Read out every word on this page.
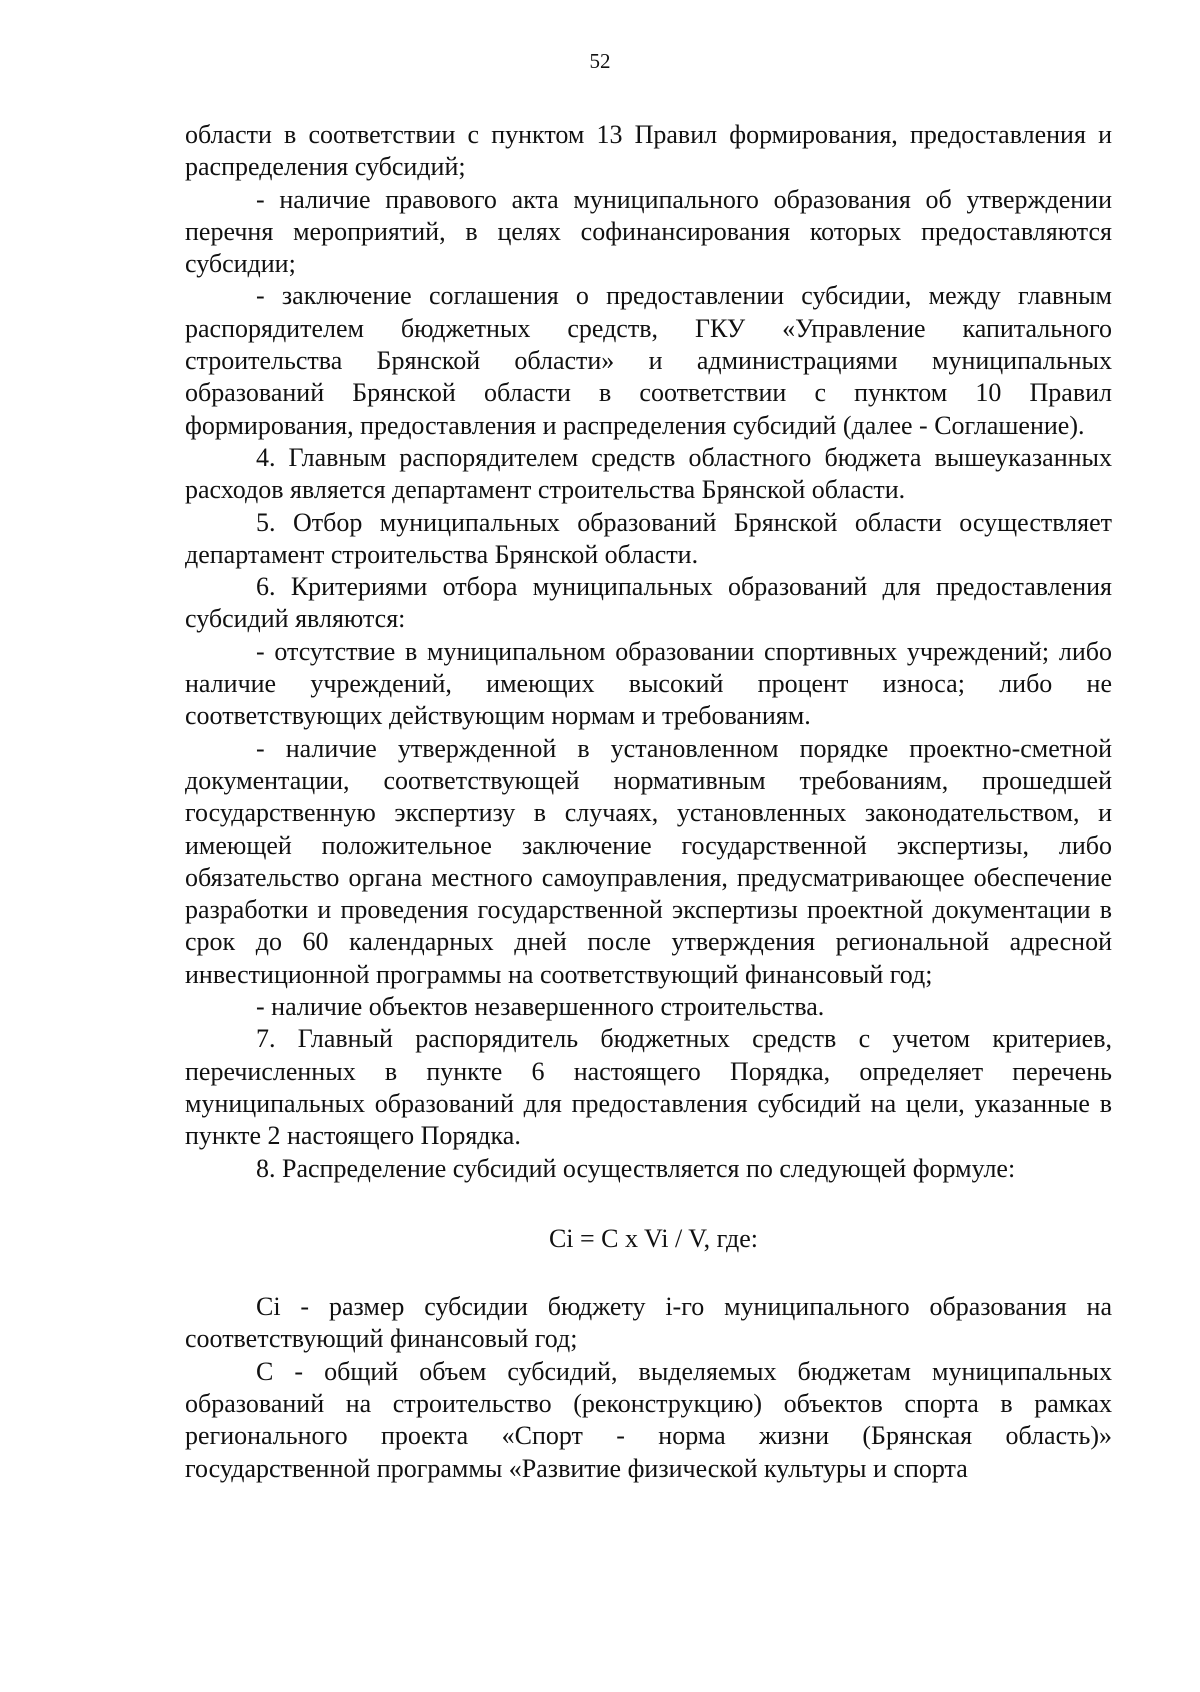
52

области в соответствии с пунктом 13 Правил формирования, предоставления и распределения субсидий;

- наличие правового акта муниципального образования об утверждении перечня мероприятий, в целях софинансирования которых предоставляются субсидии;

- заключение соглашения о предоставлении субсидии, между главным распорядителем бюджетных средств, ГКУ «Управление капитального строительства Брянской области» и администрациями муниципальных образований Брянской области в соответствии с пунктом 10 Правил формирования, предоставления и распределения субсидий (далее - Соглашение).

4. Главным распорядителем средств областного бюджета вышеуказанных расходов является департамент строительства Брянской области.

5. Отбор муниципальных образований Брянской области осуществляет департамент строительства Брянской области.

6. Критериями отбора муниципальных образований для предоставления субсидий являются:

- отсутствие в муниципальном образовании спортивных учреждений; либо наличие учреждений, имеющих высокий процент износа; либо не соответствующих действующим нормам и требованиям.

- наличие утвержденной в установленном порядке проектно-сметной документации, соответствующей нормативным требованиям, прошедшей государственную экспертизу в случаях, установленных законодательством, и имеющей положительное заключение государственной экспертизы, либо обязательство органа местного самоуправления, предусматривающее обеспечение разработки и проведения государственной экспертизы проектной документации в срок до 60 календарных дней после утверждения региональной адресной инвестиционной программы на соответствующий финансовый год;

- наличие объектов незавершенного строительства.

7. Главный распорядитель бюджетных средств с учетом критериев, перечисленных в пункте 6 настоящего Порядка, определяет перечень муниципальных образований для предоставления субсидий на цели, указанные в пункте 2 настоящего Порядка.

8. Распределение субсидий осуществляется по следующей формуле:

Ci = C x Vi / V, где:

Ci - размер субсидии бюджету i-го муниципального образования на соответствующий финансовый год;

С - общий объем субсидий, выделяемых бюджетам муниципальных образований на строительство (реконструкцию) объектов спорта в рамках регионального проекта «Спорт - норма жизни (Брянская область)» государственной программы «Развитие физической культуры и спорта
